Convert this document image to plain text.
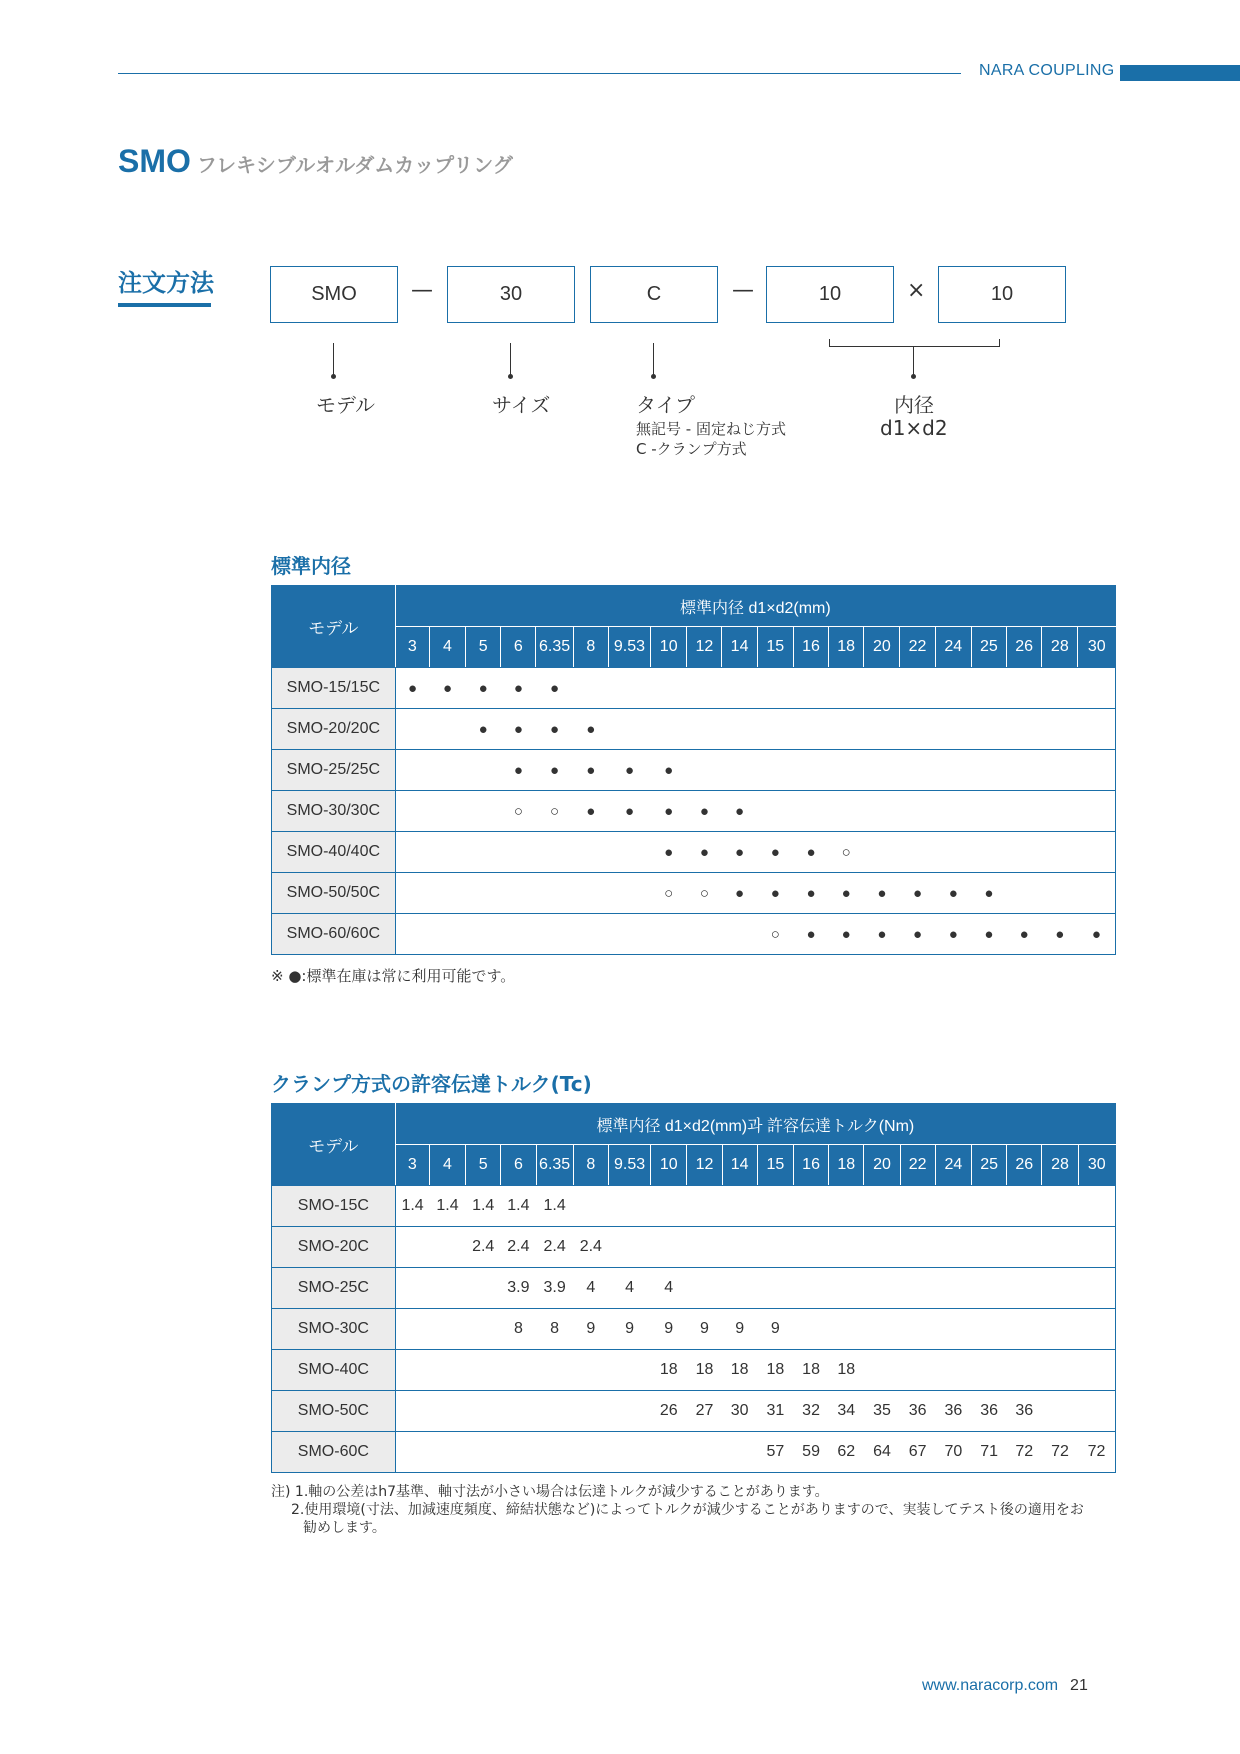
NARA COUPLING
SMO フレキシブルオルダムカップリング
注文方法	SMO	—	30	C	—	10	×	10
モデル	サイズ	タイプ
無記号 - 固定ねじ方式
C -クランプ方式
内径
d1×d2
標準内径
モデル	標準内径 d1×d2(mm)																			
	3	4	5	6	6.35	8	9.53	10	12	14	15	16	18	20	22	24	25	26	28	30
SMO-15/15C	●	●	●	●	●															
SMO-20/20C			●	●	●	●														
SMO-25/25C				●	●	●	●	●												
SMO-30/30C				○	○	●	●	●	●	●										
SMO-40/40C								●	●	●	●	●	○							
SMO-50/50C								○	○	●	●	●	●	●	●	●	●			
SMO-60/60C											○	●	●	●	●	●	●	●	●	●
※ ●:標準在庫は常に利用可能です。
クランプ方式の許容伝達トルク(Tc)
モデル	標準内径 d1×d2(mm)과 許容伝達トルク(Nm)																			
	3	4	5	6	6.35	8	9.53	10	12	14	15	16	18	20	22	24	25	26	28	30
SMO-15C	1.4	1.4	1.4	1.4	1.4															
SMO-20C			2.4	2.4	2.4	2.4														
SMO-25C				3.9	3.9	4	4	4												
SMO-30C				8	8	9	9	9	9	9	9									
SMO-40C								18	18	18	18	18	18							
SMO-50C								26	27	30	31	32	34	35	36	36	36	36		
SMO-60C											57	59	62	64	67	70	71	72	72	72
注) 1.軸の公差はh7基準、軸寸法が小さい場合は伝達トルクが減少することがあります。
2.使用環境(寸法、加減速度頻度、締結状態など)によってトルクが減少することがありますので、実装してテスト後の適用をお
勧めします。
www.naracorp.com 21
